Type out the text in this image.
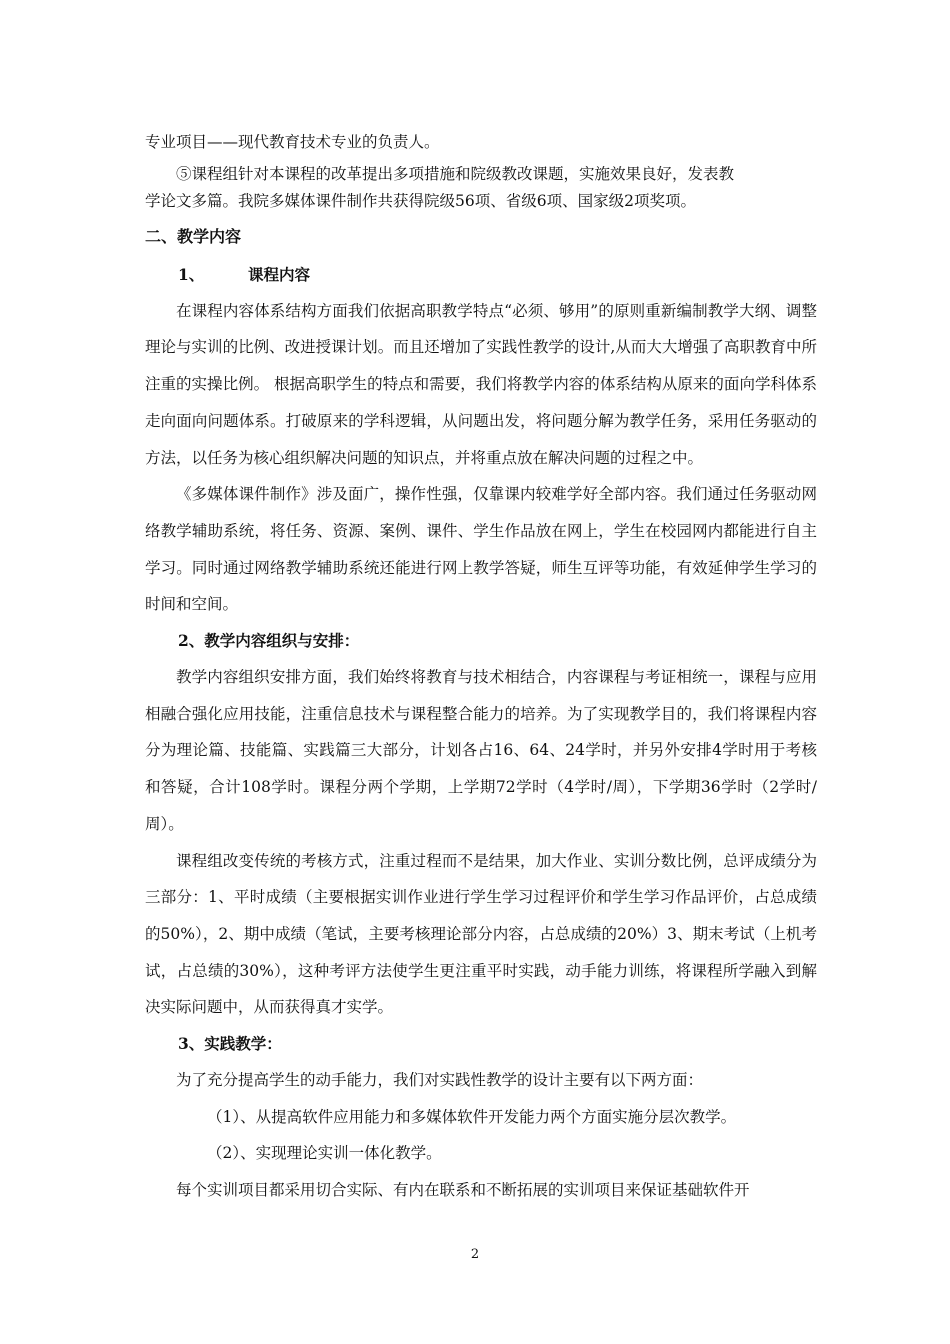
专业项目——现代教育技术专业的负责人。

⑤课程组针对本课程的改革提出多项措施和院级教改课题，实施效果良好，发表教

学论文多篇。我院多媒体课件制作共获得院级56项、省级6项、国家级2项奖项。

二、教学内容

1、	课程内容

在课程内容体系结构方面我们依据高职教学特点“必须、够用”的原则重新编制教学大纲、调整理论与实训的比例、改进授课计划。而且还增加了实践性教学的设计,从而大大增强了高职教育中所注重的实操比例。 根据高职学生的特点和需要，我们将教学内容的体系结构从原来的面向学科体系走向面向问题体系。打破原来的学科逻辑，从问题出发，将问题分解为教学任务，采用任务驱动的方法，以任务为核心组织解决问题的知识点，并将重点放在解决问题的过程之中。

《多媒体课件制作》涉及面广，操作性强，仅靠课内较难学好全部内容。我们通过任务驱动网络教学辅助系统，将任务、资源、案例、课件、学生作品放在网上，学生在校园网内都能进行自主学习。同时通过网络教学辅助系统还能进行网上教学答疑，师生互评等功能，有效延伸学生学习的时间和空间。

2、教学内容组织与安排：

教学内容组织安排方面，我们始终将教育与技术相结合，内容课程与考证相统一，课程与应用相融合强化应用技能，注重信息技术与课程整合能力的培养。为了实现教学目的，我们将课程内容分为理论篇、技能篇、实践篇三大部分，计划各占16、64、24学时，并另外安排4学时用于考核和答疑，合计108学时。课程分两个学期，上学期72学时（4学时/周），下学期36学时（2学时/周）。

课程组改变传统的考核方式，注重过程而不是结果，加大作业、实训分数比例，总评成绩分为三部分：1、平时成绩（主要根据实训作业进行学生学习过程评价和学生学习作品评价，占总成绩的50%），2、期中成绩（笔试，主要考核理论部分内容，占总成绩的20%）3、期末考试（上机考试，占总绩的30%），这种考评方法使学生更注重平时实践，动手能力训练，将课程所学融入到解决实际问题中，从而获得真才实学。

3、实践教学：

为了充分提高学生的动手能力，我们对实践性教学的设计主要有以下两方面：

（1）、从提高软件应用能力和多媒体软件开发能力两个方面实施分层次教学。

（2）、实现理论实训一体化教学。

每个实训项目都采用切合实际、有内在联系和不断拓展的实训项目来保证基础软件开

2
